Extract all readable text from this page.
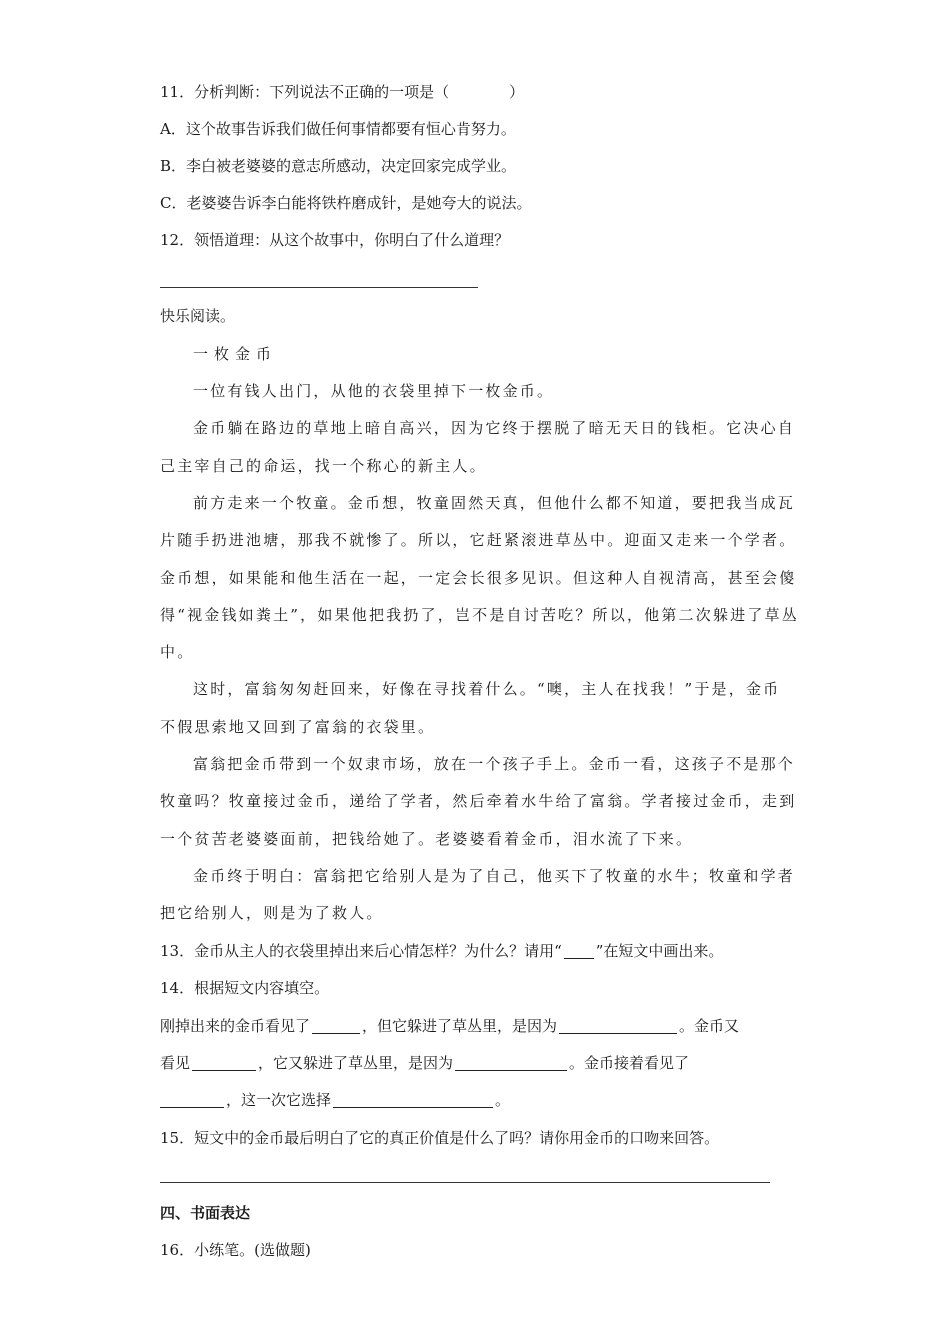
11．分析判断：下列说法不正确的一项是（　　　　）
A．这个故事告诉我们做任何事情都要有恒心肯努力。
B．李白被老婆婆的意志所感动，决定回家完成学业。
C．老婆婆告诉李白能将铁杵磨成针，是她夸大的说法。
12．领悟道理：从这个故事中，你明白了什么道理？
快乐阅读。
一枚金币
一位有钱人出门，从他的衣袋里掉下一枚金币。
金币躺在路边的草地上暗自高兴，因为它终于摆脱了暗无天日的钱柜。它决心自
己主宰自己的命运，找一个称心的新主人。
前方走来一个牧童。金币想，牧童固然天真，但他什么都不知道，要把我当成瓦
片随手扔进池塘，那我不就惨了。所以，它赶紧滚进草丛中。迎面又走来一个学者。
金币想，如果能和他生活在一起，一定会长很多见识。但这种人自视清高，甚至会傻
得“视金钱如粪土”，如果他把我扔了，岂不是自讨苦吃？所以，他第二次躲进了草丛
中。
这时，富翁匆匆赶回来，好像在寻找着什么。“噢，主人在找我！”于是，金币
不假思索地又回到了富翁的衣袋里。
富翁把金币带到一个奴隶市场，放在一个孩子手上。金币一看，这孩子不是那个
牧童吗？牧童接过金币，递给了学者，然后牵着水牛给了富翁。学者接过金币，走到
一个贫苦老婆婆面前，把钱给她了。老婆婆看着金币，泪水流了下来。
金币终于明白：富翁把它给别人是为了自己，他买下了牧童的水牛；牧童和学者
把它给别人，则是为了救人。
13．金币从主人的衣袋里掉出来后心情怎样？为什么？请用“ ”在短文中画出来。
14．根据短文内容填空。
刚掉出来的金币看见了	，但它躲进了草丛里，是因为	。金币又
看见	，它又躲进了草丛里，是因为	。金币接着看见了
，这一次它选择	。
15．短文中的金币最后明白了它的真正价值是什么了吗？请你用金币的口吻来回答。
四、书面表达
16．小练笔。(选做题)
